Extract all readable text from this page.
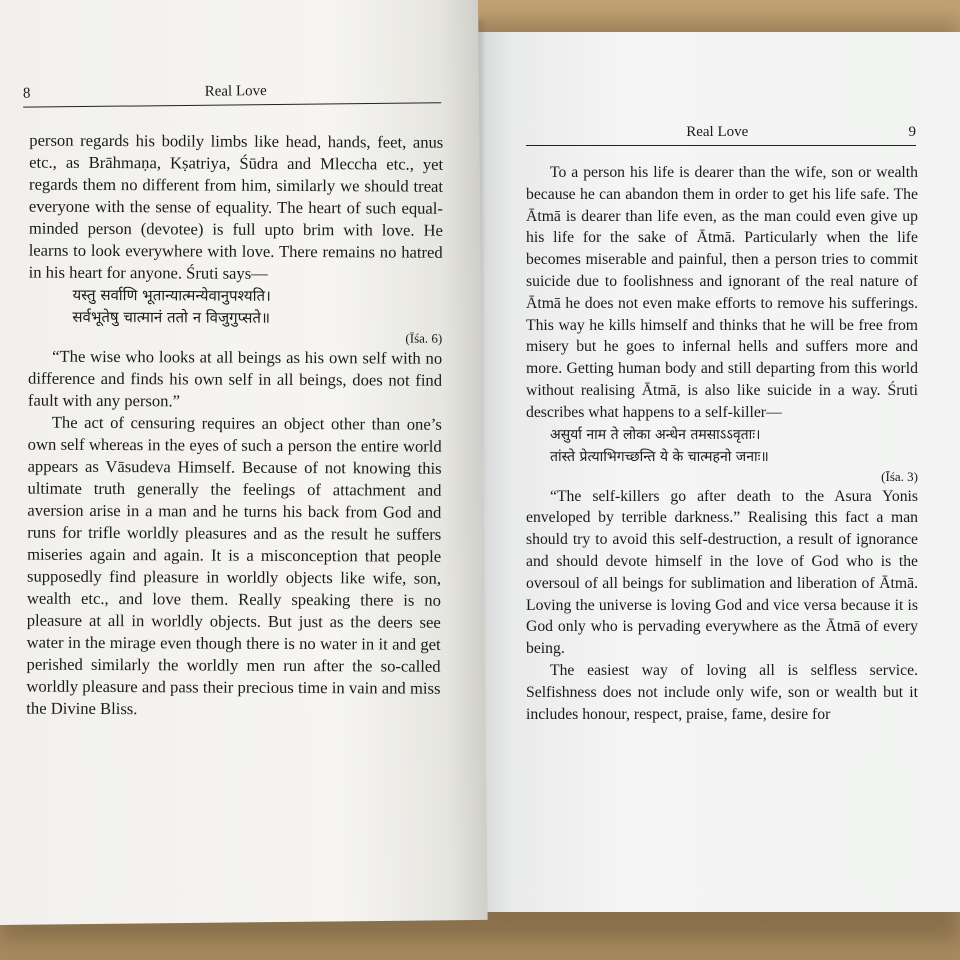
Real Love	9

To a person his life is dearer than the wife, son or wealth because he can abandon them in order to get his life safe. The Ātmā is dearer than life even, as the man could even give up his life for the sake of Ātmā. Particularly when the life becomes miserable and painful, then a person tries to commit suicide due to foolishness and ignorant of the real nature of Ātmā he does not even make efforts to remove his sufferings. This way he kills himself and thinks that he will be free from misery but he goes to infernal hells and suffers more and more. Getting human body and still departing from this world without realising Ātmā, is also like suicide in a way. Śruti describes what happens to a self-killer—

असुर्या नाम ते लोका अन्धेन तमसाऽऽवृताः।

तांस्ते प्रेत्याभिगच्छन्ति ये के चात्महनो जनाः॥

(Īśa. 3)

“The self-killers go after death to the Asura Yonis enveloped by terrible darkness.” Realising this fact a man should try to avoid this self-destruction, a result of ignorance and should devote himself in the love of God who is the oversoul of all beings for sublimation and liberation of Ātmā. Loving the universe is loving God and vice versa because it is God only who is pervading everywhere as the Ātmā of every being.

The easiest way of loving all is selfless service. Selfishness does not include only wife, son or wealth but it includes honour, respect, praise, fame, desire for

8	Real Love

person regards his bodily limbs like head, hands, feet, anus etc., as Brāhmaṇa, Kṣatriya, Śūdra and Mleccha etc., yet regards them no different from him, similarly we should treat everyone with the sense of equality. The heart of such equal-minded person (devotee) is full upto brim with love. He learns to look everywhere with love. There remains no hatred in his heart for anyone. Śruti says—

यस्तु सर्वाणि भूतान्यात्मन्येवानुपश्यति।

सर्वभूतेषु चात्मानं ततो न विजुगुप्सते॥

(Īśa. 6)

“The wise who looks at all beings as his own self with no difference and finds his own self in all beings, does not find fault with any person.”

The act of censuring requires an object other than one’s own self whereas in the eyes of such a person the entire world appears as Vāsudeva Himself. Because of not knowing this ultimate truth generally the feelings of attachment and aversion arise in a man and he turns his back from God and runs for trifle worldly pleasures and as the result he suffers miseries again and again. It is a misconception that people supposedly find pleasure in worldly objects like wife, son, wealth etc., and love them. Really speaking there is no pleasure at all in worldly objects. But just as the deers see water in the mirage even though there is no water in it and get perished similarly the worldly men run after the so-called worldly pleasure and pass their precious time in vain and miss the Divine Bliss.
